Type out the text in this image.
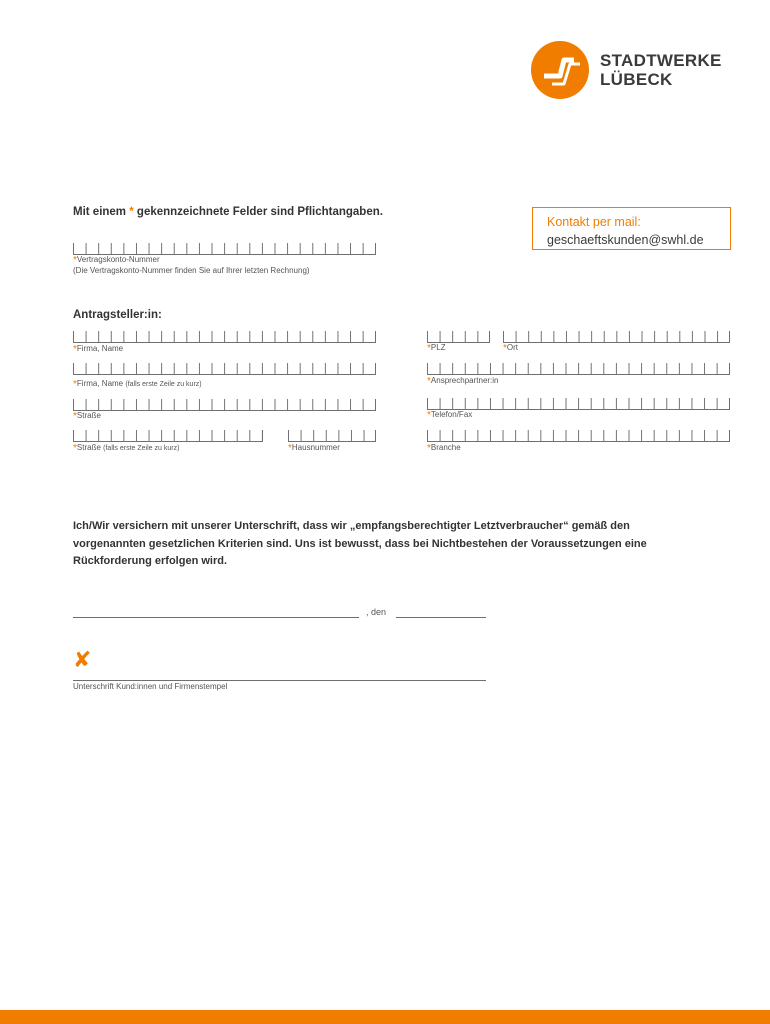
STADTWERKE
LÜBECK
Mit einem * gekennzeichnete Felder sind Pflichtangaben.
Kontakt per mail:
geschaeftskunden@swhl.de
*Vertragskonto-Nummer
(Die Vertragskonto-Nummer finden Sie auf Ihrer letzten Rechnung)
Antragsteller:in:
*Firma, Name
*Firma, Name (falls erste Zeile zu kurz)
*Straße
*Straße (falls erste Zeile zu kurz)	*Hausnummer
*PLZ	*Ort
*Ansprechpartner:in
*Telefon/Fax
*Branche
Ich/Wir versichern mit unserer Unterschrift, dass wir „empfangsberechtigter Letztverbraucher“ gemäß den vorgenannten gesetzlichen Kriterien sind. Uns ist bewusst, dass bei Nichtbestehen der Voraussetzungen eine Rückforderung erfolgen wird.
, den
✘
Unterschrift Kund:innen und Firmenstempel
